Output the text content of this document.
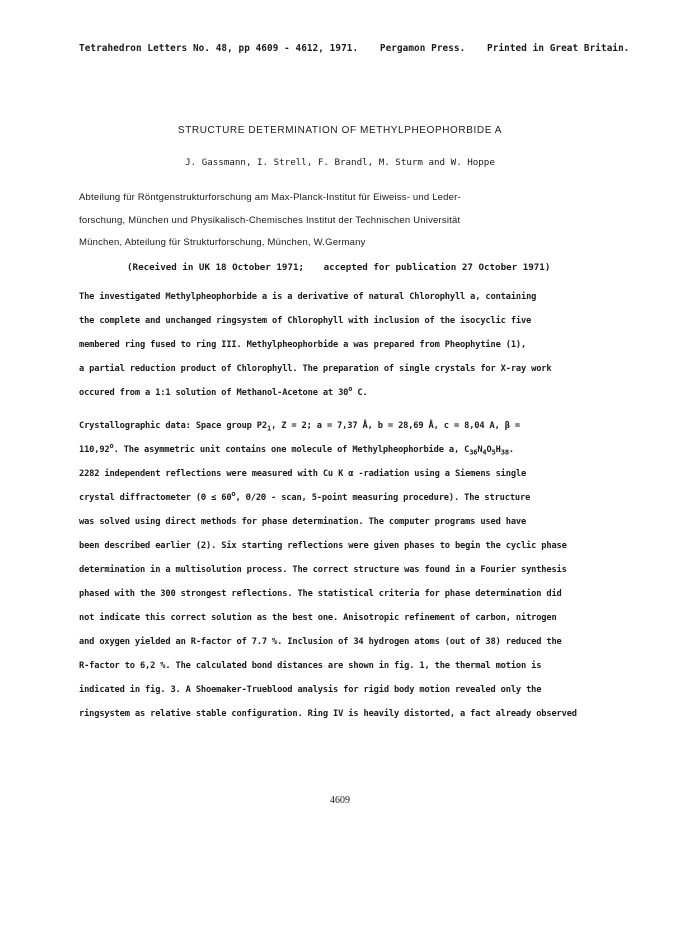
Tetrahedron Letters No. 48, pp 4609 - 4612, 1971. Pergamon Press. Printed in Great Britain.
STRUCTURE DETERMINATION OF METHYLPHEOPHORBIDE A
J. Gassmann, I. Strell, F. Brandl, M. Sturm and W. Hoppe
Abteilung für Röntgenstrukturforschung am Max-Planck-Institut für Eiweiss- und Leder-
forschung, München und Physikalisch-Chemisches Institut der Technischen Universität
München, Abteilung für Strukturforschung, München, W.Germany
(Received in UK 18 October 1971; accepted for publication 27 October 1971)
The investigated Methylpheophorbide a is a derivative of natural Chlorophyll a, containing
the complete and unchanged ringsystem of Chlorophyll with inclusion of the isocyclic five
membered ring fused to ring III. Methylpheophorbide a was prepared from Pheophytine (1),
a partial reduction product of Chlorophyll. The preparation of single crystals for X-ray work
occured from a 1:1 solution of Methanol-Acetone at 30$^o$ C.
Crystallographic data: Space group $P2_1$, Z = 2; a = 7,37 Å, b = 28,69 Å, c = 8,04 A, β =
$110,92^o$. The asymmetric unit contains one molecule of Methylpheophorbide a, $C_{36}N_4O_5H_{38}$.
2282 independent reflections were measured with Cu K α -radiation using a Siemens single
crystal diffractometer ($\Theta \le 60^o$, Θ/2Θ - scan, 5-point measuring procedure). The structure
was solved using direct methods for phase determination. The computer programs used have
been described earlier (2). Six starting reflections were given phases to begin the cyclic phase
determination in a multisolution process. The correct structure was found in a Fourier synthesis
phased with the 300 strongest reflections. The statistical criteria for phase determination did
not indicate this correct solution as the best one. Anisotropic refinement of carbon, nitrogen
and oxygen yielded an R-factor of 7.7 %. Inclusion of 34 hydrogen atoms (out of 38) reduced the
R-factor to 6,2 %. The calculated bond distances are shown in fig. 1, the thermal motion is
indicated in fig. 3. A Shoemaker-Trueblood analysis for rigid body motion revealed only the
ringsystem as relative stable configuration. Ring IV is heavily distorted, a fact already observed
4609
